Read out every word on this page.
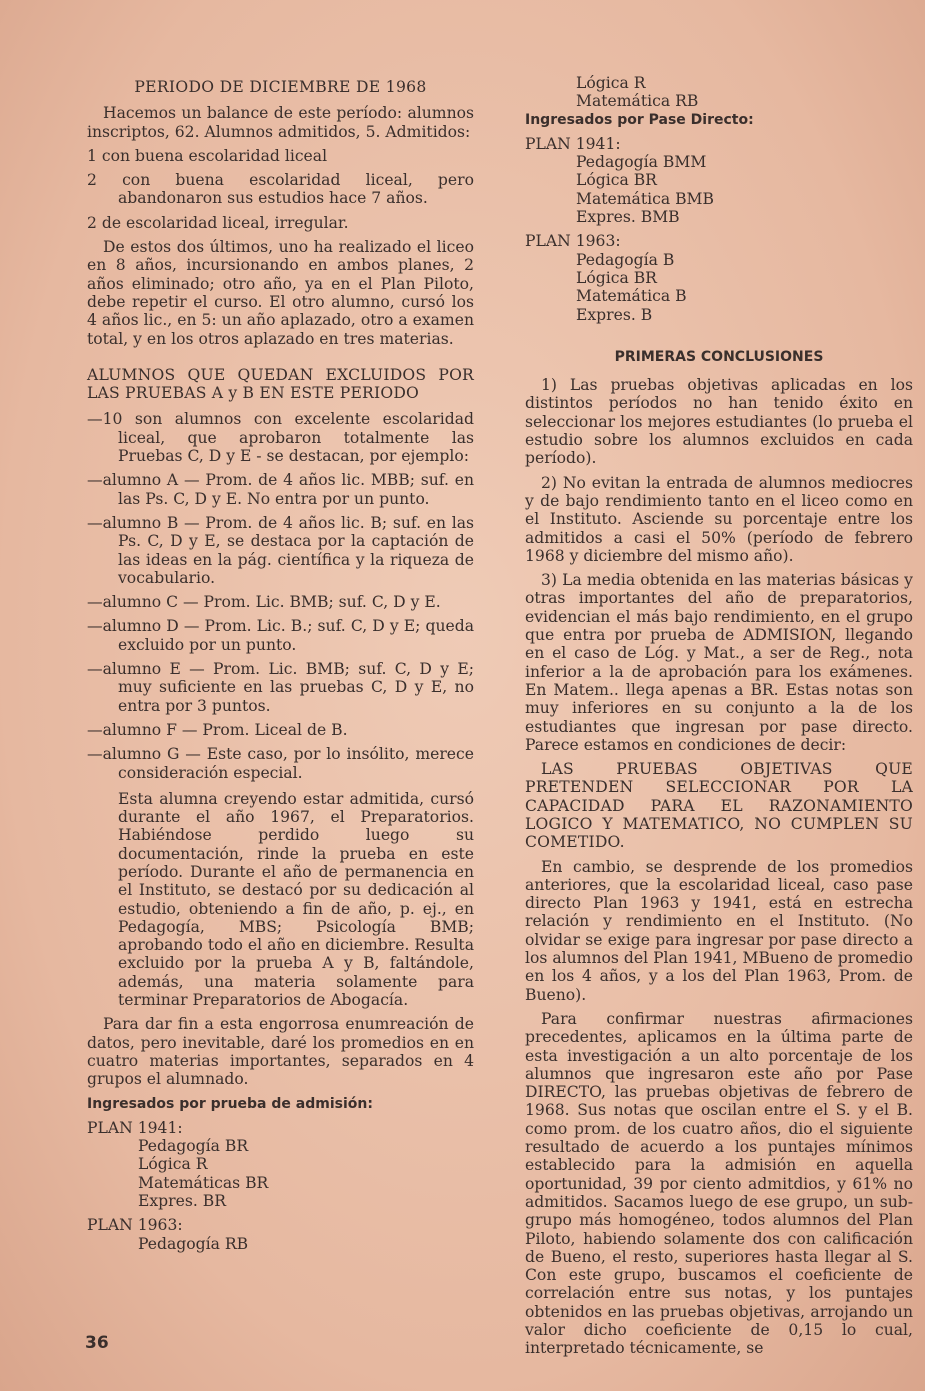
PERIODO DE DICIEMBRE DE 1968

Hacemos un balance de este período: alumnos inscriptos, 62. Alumnos admitidos, 5. Admitidos:

1 con buena escolaridad liceal

2 con buena escolaridad liceal, pero abandonaron sus estudios hace 7 años.

2 de escolaridad liceal, irregular.

De estos dos últimos, uno ha realizado el liceo en 8 años, incursionando en ambos planes, 2 años eliminado; otro año, ya en el Plan Piloto, debe repetir el curso. El otro alumno, cursó los 4 años lic., en 5: un año aplazado, otro a examen total, y en los otros aplazado en tres materias.

ALUMNOS QUE QUEDAN EXCLUIDOS POR LAS PRUEBAS A y B EN ESTE PERIODO

—10 son alumnos con excelente escolaridad liceal, que aprobaron totalmente las Pruebas C, D y E - se destacan, por ejemplo:

—alumno A — Prom. de 4 años lic. MBB; suf. en las Ps. C, D y E. No entra por un punto.

—alumno B — Prom. de 4 años lic. B; suf. en las Ps. C, D y E, se destaca por la captación de las ideas en la pág. científica y la riqueza de vocabulario.

—alumno C — Prom. Lic. BMB; suf. C, D y E.

—alumno D — Prom. Lic. B.; suf. C, D y E; queda excluido por un punto.

—alumno E — Prom. Lic. BMB; suf. C, D y E; muy suficiente en las pruebas C, D y E, no entra por 3 puntos.

—alumno F — Prom. Liceal de B.

—alumno G — Este caso, por lo insólito, merece consideración especial.

Esta alumna creyendo estar admitida, cursó durante el año 1967, el Preparatorios. Habiéndose perdido luego su documentación, rinde la prueba en este período. Durante el año de permanencia en el Instituto, se destacó por su dedicación al estudio, obteniendo a fin de año, p. ej., en Pedagogía, MBS; Psicología BMB; aprobando todo el año en diciembre. Resulta excluido por la prueba A y B, faltándole, además, una materia solamente para terminar Preparatorios de Abogacía.

Para dar fin a esta engorrosa enumreación de datos, pero inevitable, daré los promedios en en cuatro materias importantes, separados en 4 grupos el alumnado.

Ingresados por prueba de admisión:

PLAN 1941:

Pedagogía BR

Lógica R

Matemáticas BR

Expres. BR

PLAN 1963:

Pedagogía RB

Lógica R

Matemática RB

Ingresados por Pase Directo:

PLAN 1941:

Pedagogía BMM

Lógica BR

Matemática BMB

Expres. BMB

PLAN 1963:

Pedagogía B

Lógica BR

Matemática B

Expres. B

PRIMERAS CONCLUSIONES

1) Las pruebas objetivas aplicadas en los distintos períodos no han tenido éxito en seleccionar los mejores estudiantes (lo prueba el estudio sobre los alumnos excluidos en cada período).

2) No evitan la entrada de alumnos mediocres y de bajo rendimiento tanto en el liceo como en el Instituto. Asciende su porcentaje entre los admitidos a casi el 50% (período de febrero 1968 y diciembre del mismo año).

3) La media obtenida en las materias básicas y otras importantes del año de preparatorios, evidencian el más bajo rendimiento, en el grupo que entra por prueba de ADMISION, llegando en el caso de Lóg. y Mat., a ser de Reg., nota inferior a la de aprobación para los exámenes. En Matem.. llega apenas a BR. Estas notas son muy inferiores en su conjunto a la de los estudiantes que ingresan por pase directo. Parece estamos en condiciones de decir:

LAS PRUEBAS OBJETIVAS QUE PRETENDEN SELECCIONAR POR LA CAPACIDAD PARA EL RAZONAMIENTO LOGICO Y MATEMATICO, NO CUMPLEN SU COMETIDO.

En cambio, se desprende de los promedios anteriores, que la escolaridad liceal, caso pase directo Plan 1963 y 1941, está en estrecha relación y rendimiento en el Instituto. (No olvidar se exige para ingresar por pase directo a los alumnos del Plan 1941, MBueno de promedio en los 4 años, y a los del Plan 1963, Prom. de Bueno).

Para confirmar nuestras afirmaciones precedentes, aplicamos en la última parte de esta investigación a un alto porcentaje de los alumnos que ingresaron este año por Pase DIRECTO, las pruebas objetivas de febrero de 1968. Sus notas que oscilan entre el S. y el B. como prom. de los cuatro años, dio el siguiente resultado de acuerdo a los puntajes mínimos establecido para la admisión en aquella oportunidad, 39 por ciento admitdios, y 61% no admitidos. Sacamos luego de ese grupo, un sub-grupo más homogéneo, todos alumnos del Plan Piloto, habiendo solamente dos con calificación de Bueno, el resto, superiores hasta llegar al S. Con este grupo, buscamos el coeficiente de correlación entre sus notas, y los puntajes obtenidos en las pruebas objetivas, arrojando un valor dicho coeficiente de 0,15 lo cual, interpretado técnicamente, se

36
